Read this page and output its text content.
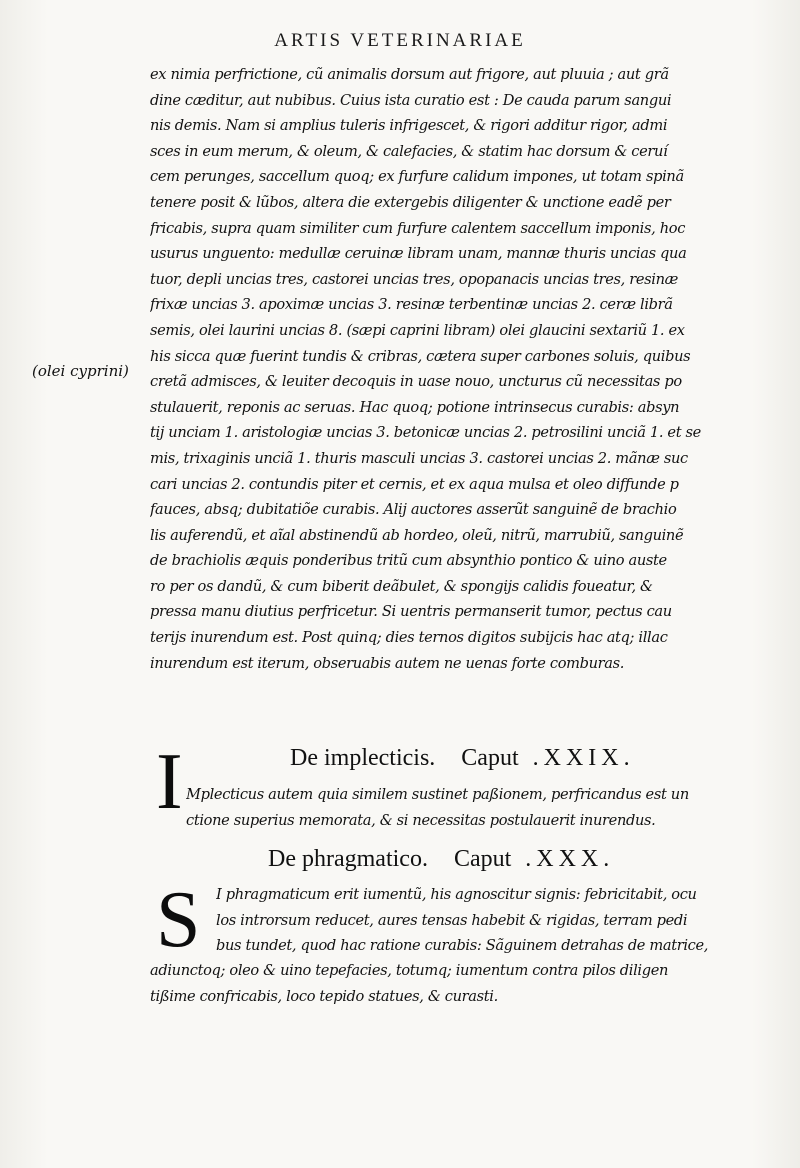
ARTIS VETERINARIAE
(olei cyprini)
ex nimia perfrictione, cũ animalis dorsum aut frigore, aut pluuia ; aut grã
dine cæditur, aut nubibus. Cuius ista curatio est : De cauda parum sangui
nis demis. Nam si amplius tuleris infrigescet, & rigori additur rigor, admi
sces in eum merum, & oleum, & calefacies, & statim hac dorsum & ceruí
cem perunges, saccellum quoq; ex furfure calidum impones, ut totam spinã
tenere posit & lũbos, altera die extergebis diligenter & unctione eadẽ per
fricabis, supra quam similiter cum furfure calentem saccellum imponis, hoc
usurus unguento: medullæ ceruinæ libram unam, mannæ thuris uncias qua
tuor, depli uncias tres, castorei uncias tres, opopanacis uncias tres, resinæ
frixæ uncias 3. apoximæ uncias 3. resinæ terbentinæ uncias 2. ceræ librã
semis, olei laurini uncias 8. (sæpi caprini libram) olei glaucini sextariũ 1. ex
his sicca quæ fuerint tundis & cribras, cætera super carbones soluis, quibus
cretã admisces, & leuiter decoquis in uase nouo, uncturus cũ necessitas po
stulauerit, reponis ac seruas. Hac quoq; potione intrinsecus curabis: absyn
tij unciam 1. aristologiæ uncias 3. betonicæ uncias 2. petrosilini unciã 1. et se
mis, trixaginis unciã 1. thuris masculi uncias 3. castorei uncias 2. mãnæ suc
cari uncias 2. contundis piter et cernis, et ex aqua mulsa et oleo diffunde p
fauces, absq; dubitatiõe curabis. Alij auctores asserũt sanguinẽ de brachio
lis auferendũ, et aĩal abstinendũ ab hordeo, oleũ, nitrũ, marrubiũ, sanguinẽ
de brachiolis æquis ponderibus tritũ cum absynthio pontico & uino auste
ro per os dandũ, & cum biberit deãbulet, & spongijs calidis foueatur, &
pressa manu diutius perfricetur. Si uentris permanserit tumor, pectus cau
terijs inurendum est. Post quinq; dies ternos digitos subijcis hac atq; illac
inurendum est iterum, obseruabis autem ne uenas forte comburas.
I	De implecticis. Caput .XXIX.
Mplecticus autem quia similem sustinet paßionem, perfricandus est un
ctione superius memorata, & si necessitas postulauerit inurendus.
De phragmatico. Caput .XXX.
S I phragmaticum erit iumentũ, his agnoscitur signis: febricitabit, ocu
los introrsum reducet, aures tensas habebit & rigidas, terram pedi
bus tundet, quod hac ratione curabis: Sãguinem detrahas de matrice,
adiunctoq; oleo & uino tepefacies, totumq; iumentum contra pilos diligen
tißime confricabis, loco tepido statues, & curasti.
